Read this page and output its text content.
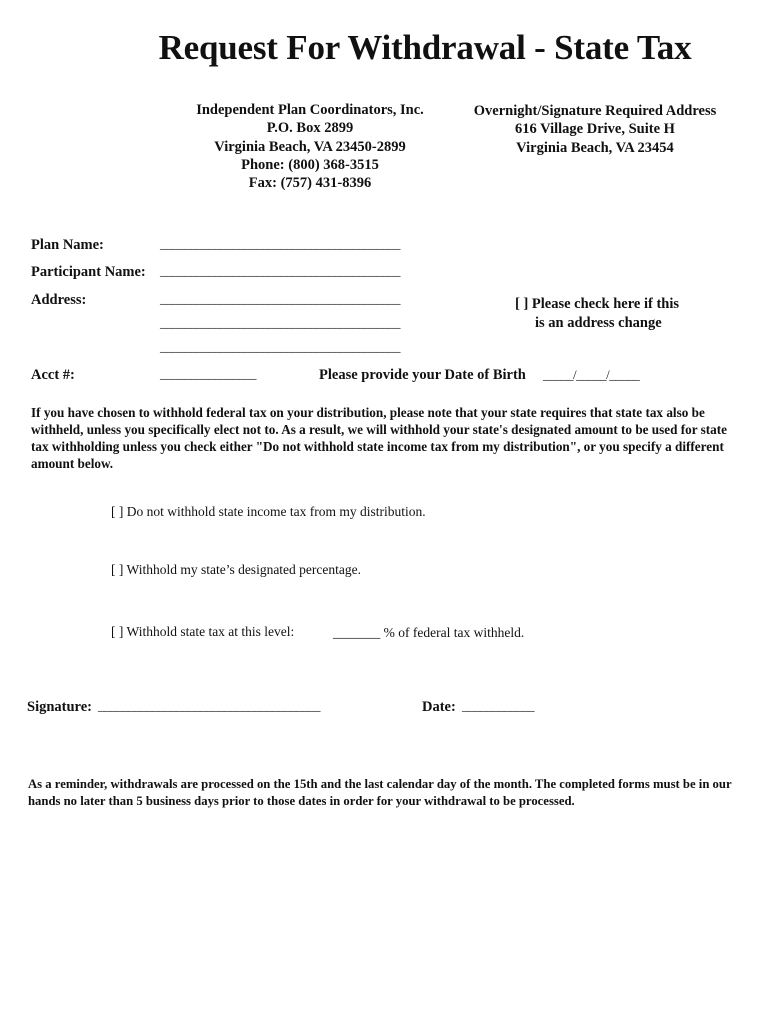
Request For Withdrawal - State Tax
Independent Plan Coordinators, Inc.
P.O. Box 2899
Virginia Beach, VA 23450-2899
Phone: (800) 368-3515
Fax: (757) 431-8396
Overnight/Signature Required Address
616 Village Drive, Suite H
Virginia Beach, VA 23454
Plan Name:	________________________________________
Participant Name: ________________________________________
Address:	________________________________________
________________________________________
________________________________________
[ ] Please check here if this
is an address change
Acct #:	________________	Please provide your Date of Birth _____/_____/_____
If you have chosen to withhold federal tax on your distribution, please note that your state requires that state tax also be withheld, unless you specifically elect not to. As a result, we will withhold your state's designated amount to be used for state tax withholding unless you check either "Do not withhold state income tax from my distribution", or you specify a different amount below.
[ ] Do not withhold state income tax from my distribution.
[ ] Withhold my state’s designated percentage.
[ ] Withhold state tax at this level:	_______ % of federal tax withheld.
Signature: _____________________________________	Date: ____________
As a reminder, withdrawals are processed on the 15th and the last calendar day of the month. The completed forms must be in our hands no later than 5 business days prior to those dates in order for your withdrawal to be processed.
